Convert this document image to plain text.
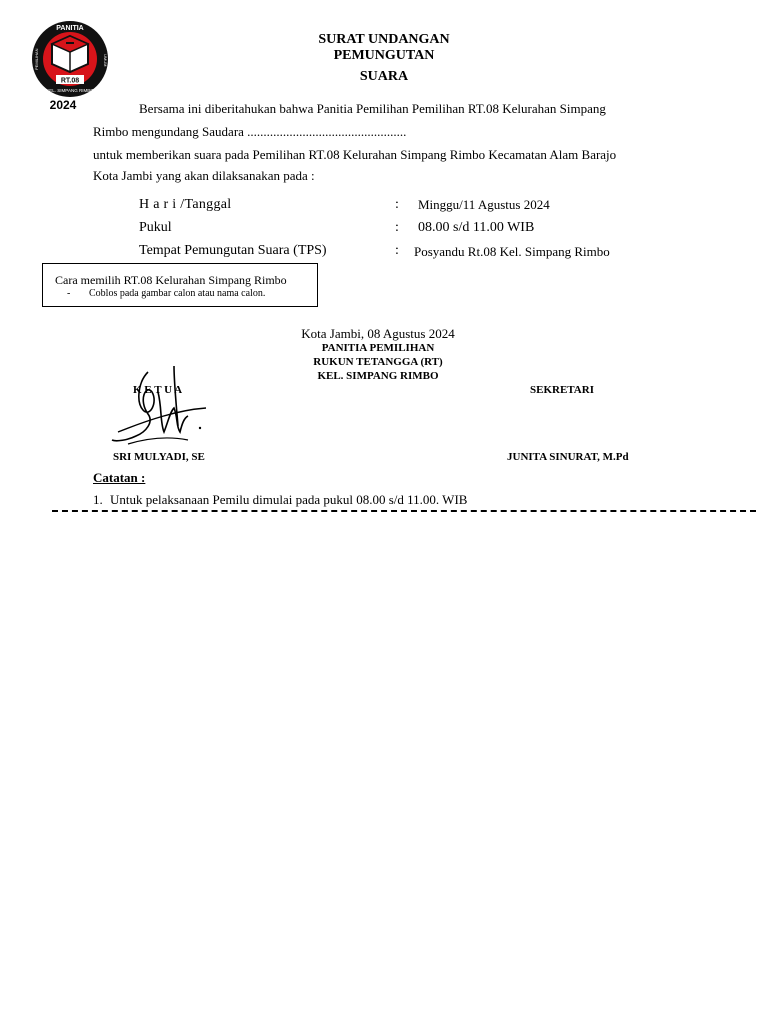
PANITIA
PEMILIHAN	UMUM
RT.08
KEL. SIMPANG RIMBO
2024
SURAT UNDANGAN
PEMUNGUTAN
SUARA
Bersama ini diberitahukan bahwa Panitia Pemilihan Pemilihan RT.08 Kelurahan Simpang
Rimbo mengundang Saudara .................................................
untuk memberikan suara pada Pemilihan RT.08 Kelurahan Simpang Rimbo Kecamatan Alam Barajo
Kota Jambi yang akan dilaksanakan pada :
H a r i /Tanggal	: Minggu/11 Agustus 2024
Pukul	: 08.00 s/d 11.00 WIB
Tempat Pemungutan Suara (TPS)	: Posyandu Rt.08 Kel. Simpang Rimbo
Cara memilih RT.08 Kelurahan Simpang Rimbo
- Coblos pada gambar calon atau nama calon.
Kota Jambi, 08 Agustus 2024
PANITIA PEMILIHAN
RUKUN TETANGGA (RT)
KEL. SIMPANG RIMBO
K E T U A	SEKRETARI
SRI MULYADI, SE	JUNITA SINURAT, M.Pd
Catatan :
1. Untuk pelaksanaan Pemilu dimulai pada pukul 08.00 s/d 11.00. WIB
